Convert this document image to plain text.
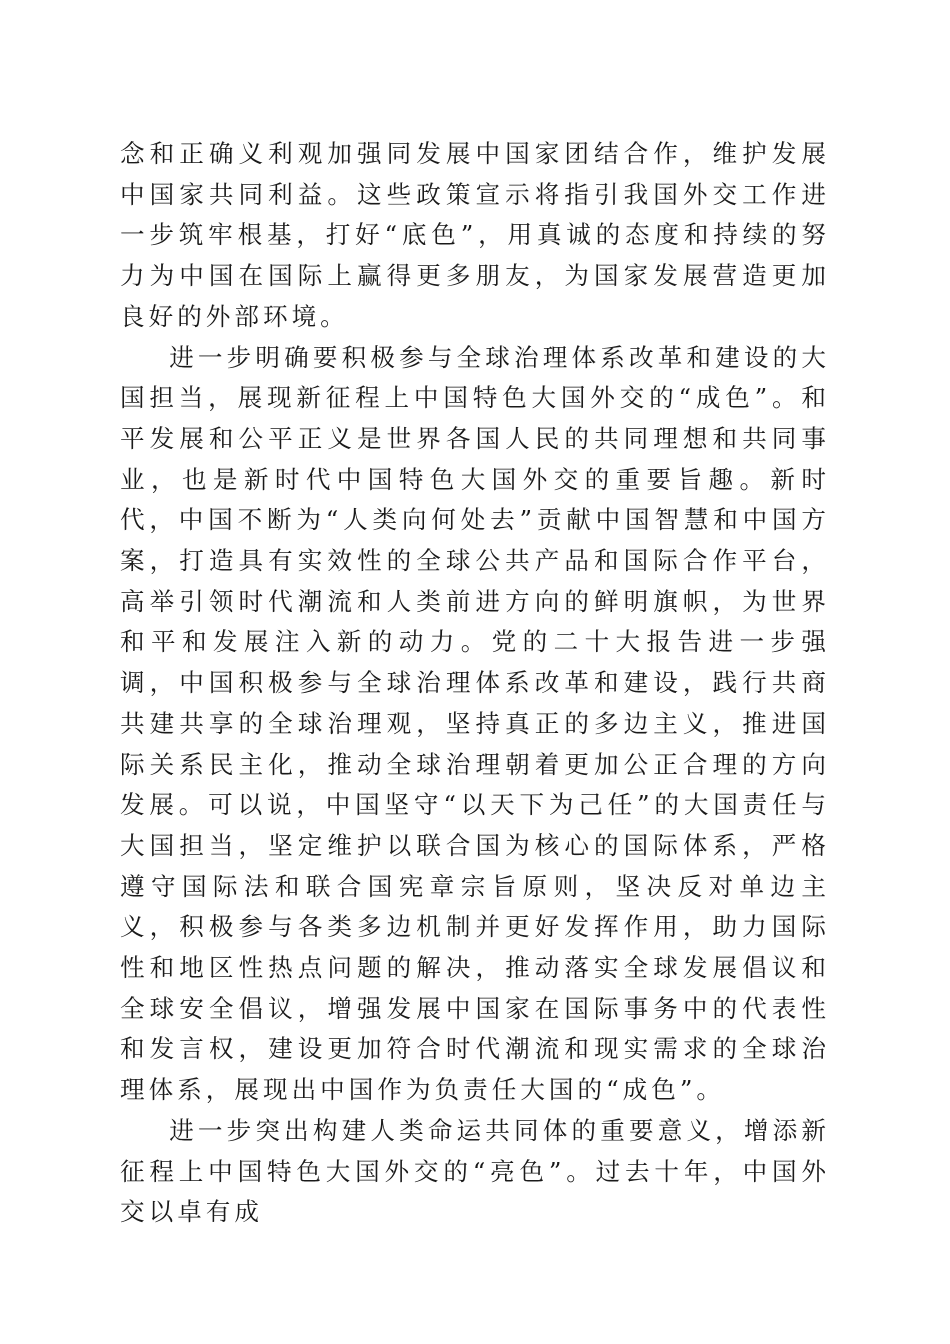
念和正确义利观加强同发展中国家团结合作，维护发展中国家共同利益。这些政策宣示将指引我国外交工作进一步筑牢根基，打好“底色”，用真诚的态度和持续的努力为中国在国际上赢得更多朋友，为国家发展营造更加良好的外部环境。

进一步明确要积极参与全球治理体系改革和建设的大国担当，展现新征程上中国特色大国外交的“成色”。和平发展和公平正义是世界各国人民的共同理想和共同事业，也是新时代中国特色大国外交的重要旨趣。新时代，中国不断为“人类向何处去”贡献中国智慧和中国方案，打造具有实效性的全球公共产品和国际合作平台，高举引领时代潮流和人类前进方向的鲜明旗帜，为世界和平和发展注入新的动力。党的二十大报告进一步强调，中国积极参与全球治理体系改革和建设，践行共商共建共享的全球治理观，坚持真正的多边主义，推进国际关系民主化，推动全球治理朝着更加公正合理的方向发展。可以说，中国坚守“以天下为己任”的大国责任与大国担当，坚定维护以联合国为核心的国际体系，严格遵守国际法和联合国宪章宗旨原则，坚决反对单边主义，积极参与各类多边机制并更好发挥作用，助力国际性和地区性热点问题的解决，推动落实全球发展倡议和全球安全倡议，增强发展中国家在国际事务中的代表性和发言权，建设更加符合时代潮流和现实需求的全球治理体系，展现出中国作为负责任大国的“成色”。

进一步突出构建人类命运共同体的重要意义，增添新征程上中国特色大国外交的“亮色”。过去十年，中国外交以卓有成
